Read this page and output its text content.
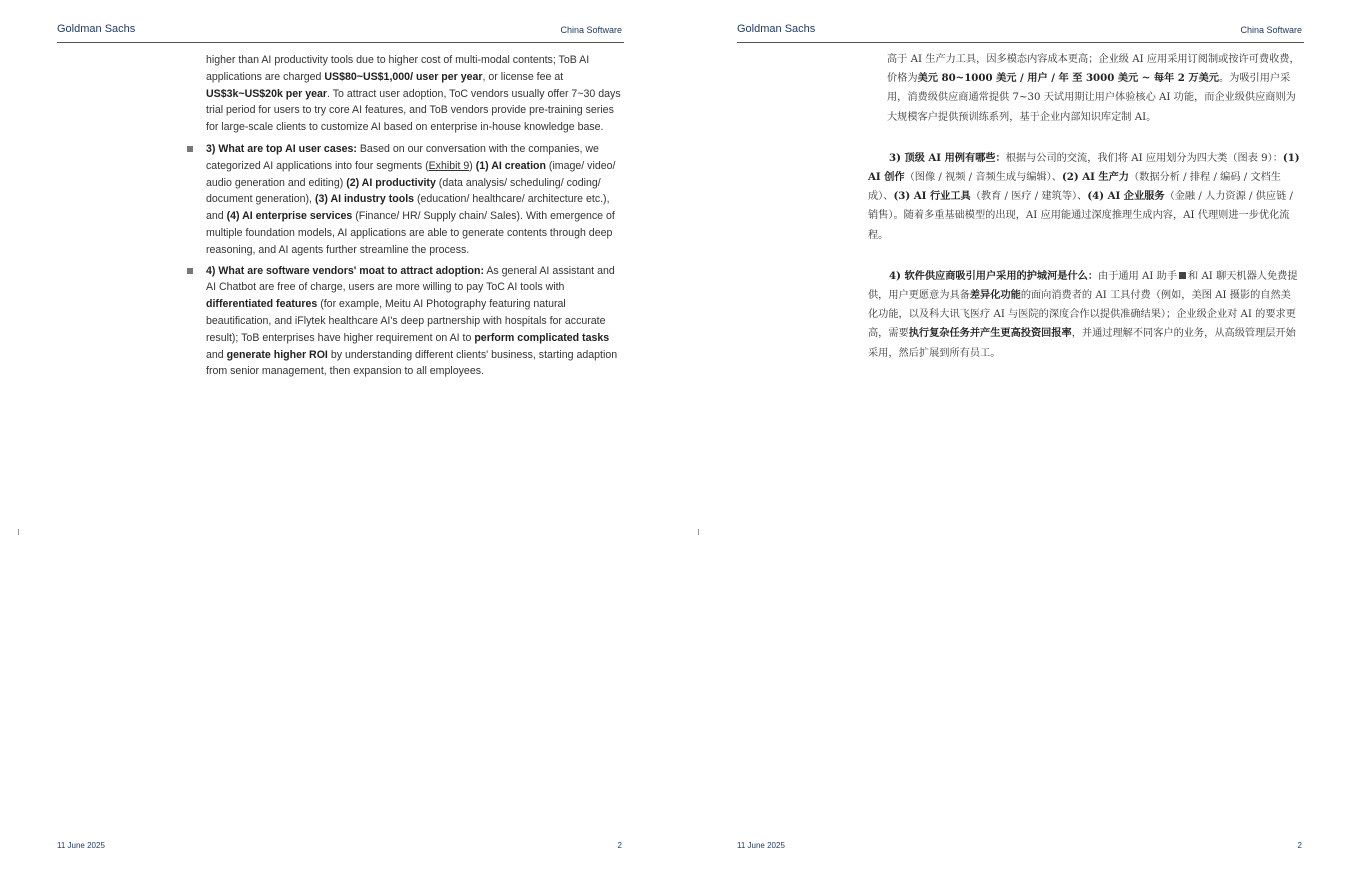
Goldman Sachs	China Software
11 June 2025	2

higher than AI productivity tools due to higher cost of multi-modal contents; ToB AI applications are charged US$80~US$1,000/ user per year, or license fee at US$3k~US$20k per year. To attract user adoption, ToC vendors usually offer 7~30 days trial period for users to try core AI features, and ToB vendors provide pre-training series for large-scale clients to customize AI based on enterprise in-house knowledge base.

3) What are top AI user cases: Based on our conversation with the companies, we categorized AI applications into four segments (Exhibit 9) (1) AI creation (image/ video/ audio generation and editing) (2) AI productivity (data analysis/ scheduling/ coding/ document generation), (3) AI industry tools (education/ healthcare/ architecture etc.), and (4) AI enterprise services (Finance/ HR/ Supply chain/ Sales). With emergence of multiple foundation models, AI applications are able to generate contents through deep reasoning, and AI agents further streamline the process.

4) What are software vendors' moat to attract adoption: As general AI assistant and AI Chatbot are free of charge, users are more willing to pay ToC AI tools with differentiated features (for example, Meitu AI Photography featuring natural beautification, and iFlytek healthcare AI's deep partnership with hospitals for accurate result); ToB enterprises have higher requirement on AI to perform complicated tasks and generate higher ROI by understanding different clients' business, starting adaption from senior management, then expansion to all employees.

Goldman Sachs	China Software
11 June 2025	2

高于 AI 生产力工具，因多模态内容成本更高；企业级 AI 应用采用订阅制或按许可费收费，价格为美元 80~1000 美元 / 用户 / 年 至 3000 美元 ~ 每年 2 万美元。为吸引用户采用，消费级供应商通常提供 7~30 天试用期让用户体验核心 AI 功能，而企业级供应商则为大规模客户提供预训练系列，基于企业内部知识库定制 AI。

3) 顶级 AI 用例有哪些：根据与公司的交流，我们将 AI 应用划分为四大类（图表 9）：(1) AI 创作（图像 / 视频 / 音频生成与编辑）、(2) AI 生产力（数据分析 / 排程 / 编码 / 文档生成）、(3) AI 行业工具（教育 / 医疗 / 建筑等）、(4) AI 企业服务（金融 / 人力资源 / 供应链 / 销售）。随着多重基础模型的出现，AI 应用能通过深度推理生成内容，AI 代理则进一步优化流程。

4) 软件供应商吸引用户采用的护城河是什么：由于通用 AI 助手 和 AI 聊天机器人免费提供，用户更愿意为具备差异化功能的面向消费者的 AI 工具付费（例如，美图 AI 摄影的自然美化功能，以及科大讯飞医疗 AI 与医院的深度合作以提供准确结果）；企业级企业对 AI 的要求更高，需要执行复杂任务并产生更高投资回报率，并通过理解不同客户的业务，从高级管理层开始采用，然后扩展到所有员工。
